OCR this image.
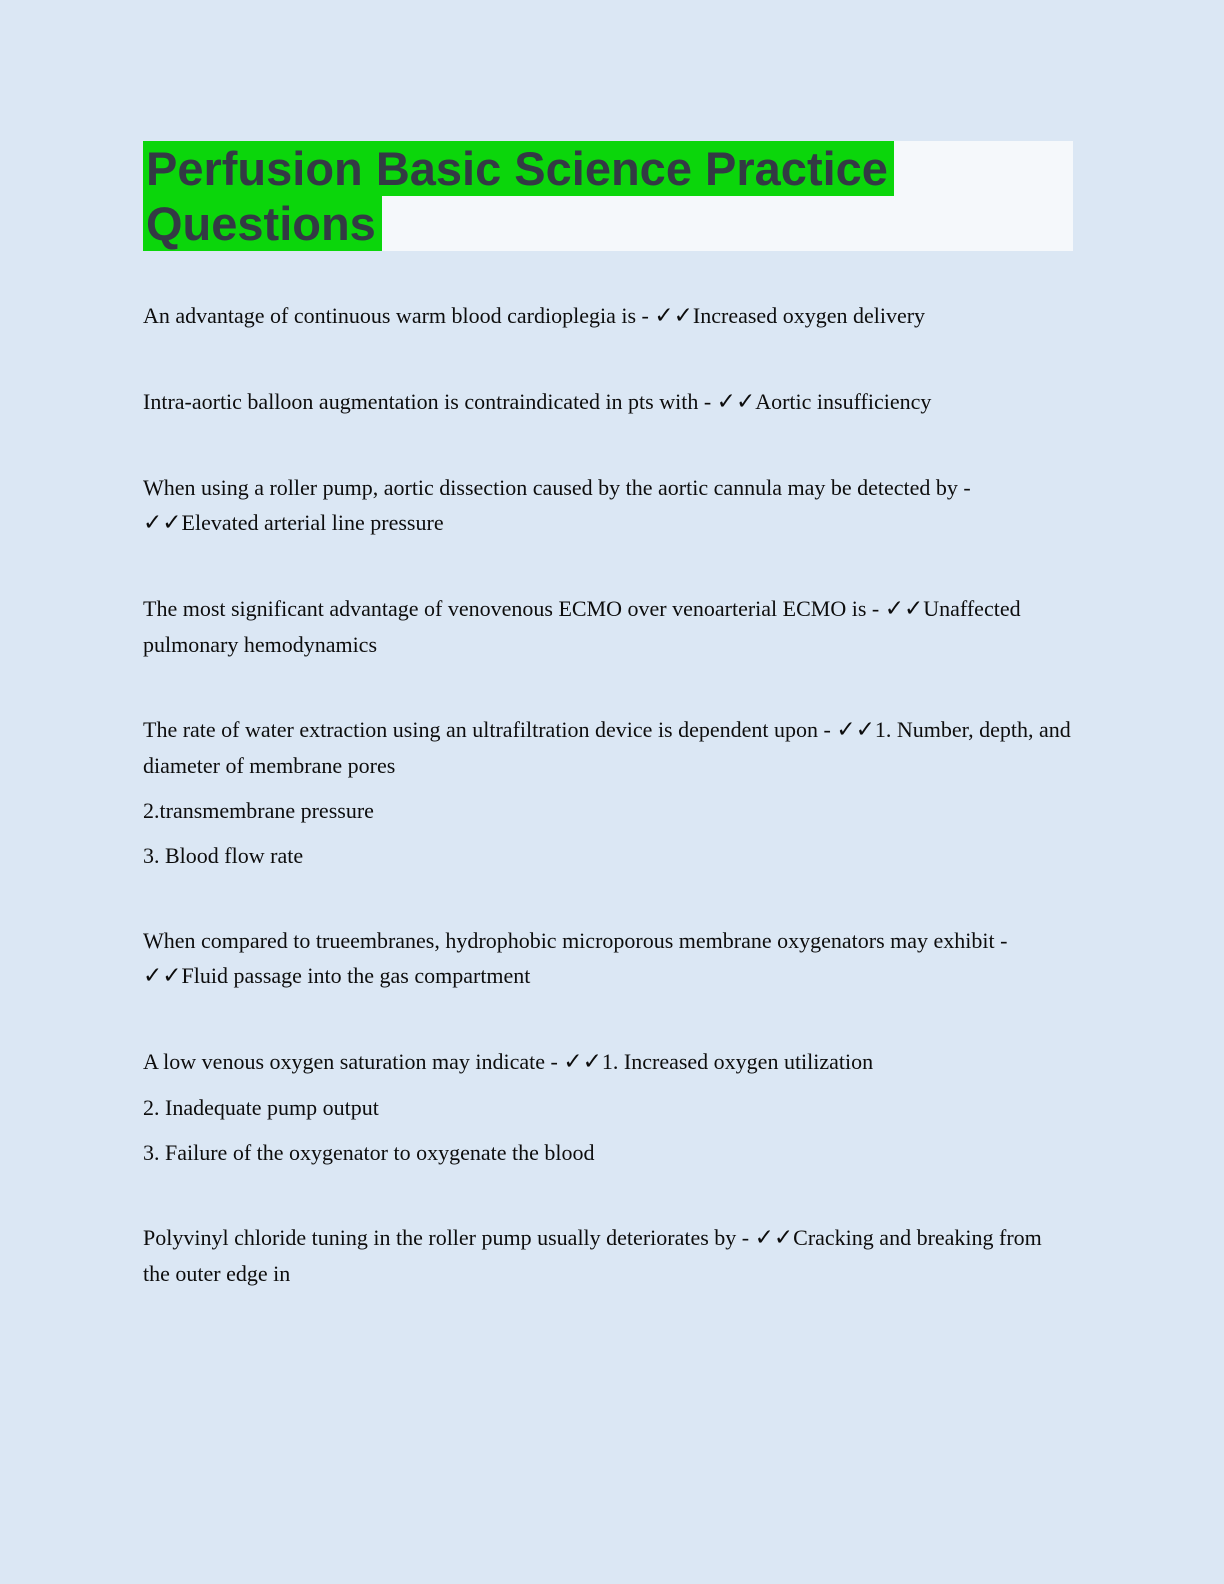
Perfusion Basic Science Practice Questions

An advantage of continuous warm blood cardioplegia is - ✓✓Increased oxygen delivery

Intra-aortic balloon augmentation is contraindicated in pts with - ✓✓Aortic insufficiency

When using a roller pump, aortic dissection caused by the aortic cannula may be detected by - ✓✓Elevated arterial line pressure

The most significant advantage of venovenous ECMO over venoarterial ECMO is - ✓✓Unaffected pulmonary hemodynamics

The rate of water extraction using an ultrafiltration device is dependent upon - ✓✓1. Number, depth, and diameter of membrane pores

2.transmembrane pressure

3. Blood flow rate

When compared to trueembranes, hydrophobic microporous membrane oxygenators may exhibit - ✓✓Fluid passage into the gas compartment

A low venous oxygen saturation may indicate - ✓✓1. Increased oxygen utilization

2. Inadequate pump output

3. Failure of the oxygenator to oxygenate the blood

Polyvinyl chloride tuning in the roller pump usually deteriorates by - ✓✓Cracking and breaking from the outer edge in
